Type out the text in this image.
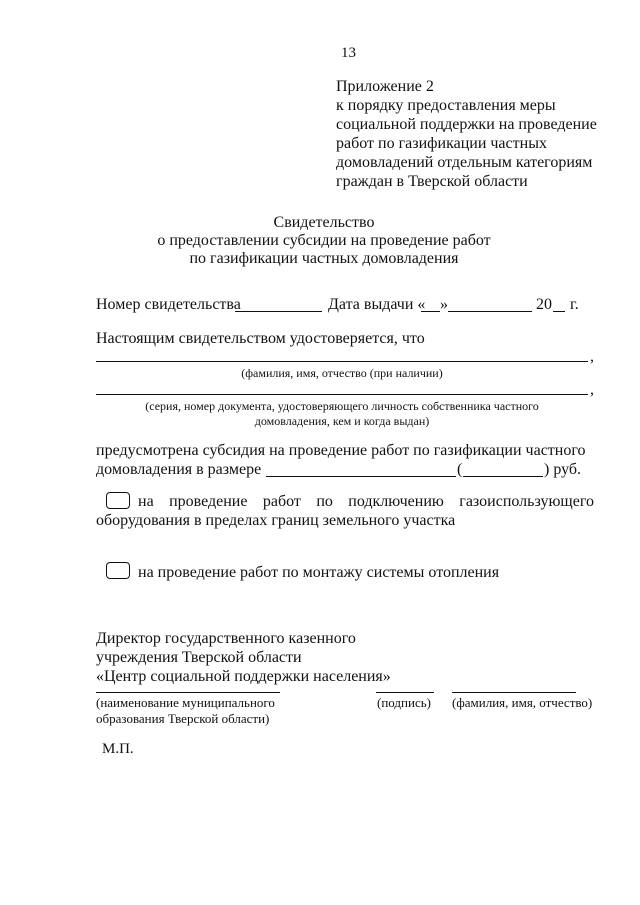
13
Приложение 2
к порядку предоставления меры
социальной поддержки на проведение
работ по газификации частных
домовладений отдельным категориям
граждан в Тверской области
Свидетельство
о предоставлении субсидии на проведение работ
по газификации частных домовладения
Номер свидетельства	Дата выдачи « »	20 г.
Настоящим свидетельством удостоверяется, что
,
(фамилия, имя, отчество (при наличии)
,
(серия, номер документа, удостоверяющего личность собственника частного
домовладения, кем и когда выдан)
предусмотрена субсидия на проведение работ по газификации частного
домовладения в размере	(	) руб.
на проведение работ по подключению газоиспользующего
оборудования в пределах границ земельного участка
на проведение работ по монтажу системы отопления
Директор государственного казенного
учреждения Тверской области
«Центр социальной поддержки населения»
(наименование муниципального
образования Тверской области)
(подпись) (фамилия, имя, отчество)
М.П.
